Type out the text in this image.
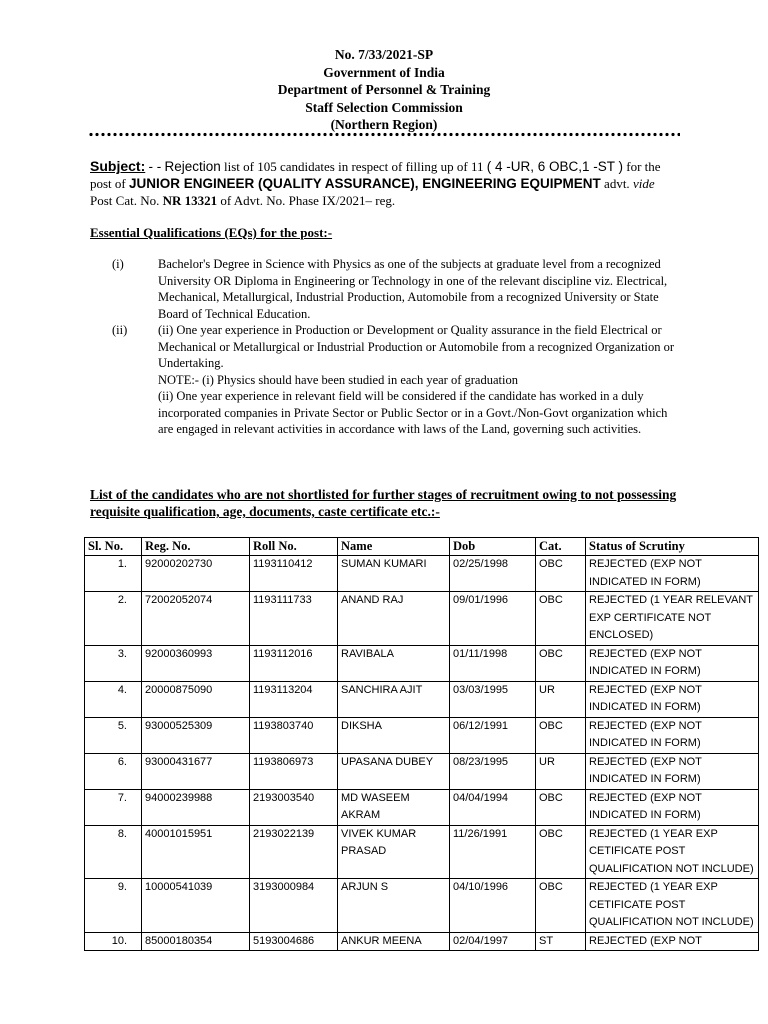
No. 7/33/2021-SP
Government of India
Department of Personnel & Training
Staff Selection Commission
(Northern Region)
Subject: - - Rejection list of 105 candidates in respect of filling up of 11 ( 4 -UR, 6 OBC,1 -ST ) for the post of JUNIOR ENGINEER (QUALITY ASSURANCE), ENGINEERING EQUIPMENT advt. vide Post Cat. No. NR 13321 of Advt. No. Phase IX/2021– reg.
Essential Qualifications (EQs) for the post:-
(i)	Bachelor's Degree in Science with Physics as one of the subjects at graduate level from a recognized University OR Diploma in Engineering or Technology in one of the relevant discipline viz. Electrical, Mechanical, Metallurgical, Industrial Production, Automobile from a recognized University or State Board of Technical Education.
(ii)	(ii) One year experience in Production or Development or Quality assurance in the field Electrical or Mechanical or Metallurgical or Industrial Production or Automobile from a recognized Organization or Undertaking.
NOTE:- (i) Physics should have been studied in each year of graduation
(ii) One year experience in relevant field will be considered if the candidate has worked in a duly incorporated companies in Private Sector or Public Sector or in a Govt./Non-Govt organization which are engaged in relevant activities in accordance with laws of the Land, governing such activities.
List of the candidates who are not shortlisted for further stages of recruitment owing to not possessing requisite qualification, age, documents, caste certificate etc.:-
Sl. No.	Reg. No.	Roll No.	Name	Dob	Cat.	Status of Scrutiny
1.	92000202730	1193110412	SUMAN KUMARI	02/25/1998	OBC	REJECTED (EXP NOT INDICATED IN FORM)
2.	72002052074	1193111733	ANAND RAJ	09/01/1996	OBC	REJECTED (1 YEAR RELEVANT EXP CERTIFICATE NOT ENCLOSED)
3.	92000360993	1193112016	RAVIBALA	01/11/1998	OBC	REJECTED (EXP NOT INDICATED IN FORM)
4.	20000875090	1193113204	SANCHIRA AJIT	03/03/1995	UR	REJECTED (EXP NOT INDICATED IN FORM)
5.	93000525309	1193803740	DIKSHA	06/12/1991	OBC	REJECTED (EXP NOT INDICATED IN FORM)
6.	93000431677	1193806973	UPASANA DUBEY	08/23/1995	UR	REJECTED (EXP NOT INDICATED IN FORM)
7.	94000239988	2193003540	MD WASEEM AKRAM	04/04/1994	OBC	REJECTED (EXP NOT INDICATED IN FORM)
8.	40001015951	2193022139	VIVEK KUMAR PRASAD	11/26/1991	OBC	REJECTED (1 YEAR EXP CETIFICATE POST QUALIFICATION NOT INCLUDE)
9.	10000541039	3193000984	ARJUN S	04/10/1996	OBC	REJECTED (1 YEAR EXP CETIFICATE POST QUALIFICATION NOT INCLUDE)
10.	85000180354	5193004686	ANKUR MEENA	02/04/1997	ST	REJECTED (EXP NOT
